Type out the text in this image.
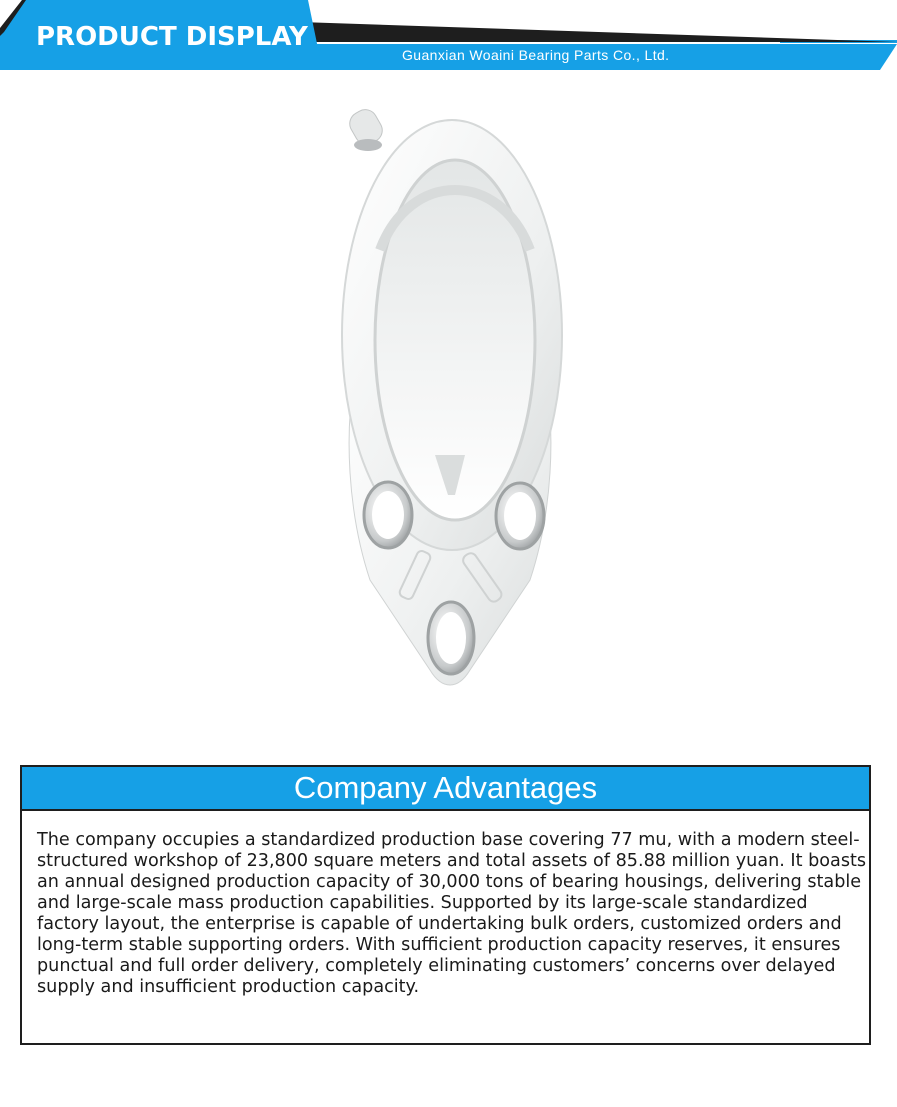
PRODUCT DISPLAY
Guanxian Woaini Bearing Parts Co., Ltd.
Company Advantages

The company occupies a standardized production base covering 77 mu, with a modern steel-structured workshop of 23,800 square meters and total assets of 85.88 million yuan. It boasts an annual designed production capacity of 30,000 tons of bearing housings, delivering stable and large-scale mass production capabilities. Supported by its large-scale standardized factory layout, the enterprise is capable of undertaking bulk orders, customized orders and long-term stable supporting orders. With sufficient production capacity reserves, it ensures punctual and full order delivery, completely eliminating customers’ concerns over delayed supply and insufficient production capacity.
